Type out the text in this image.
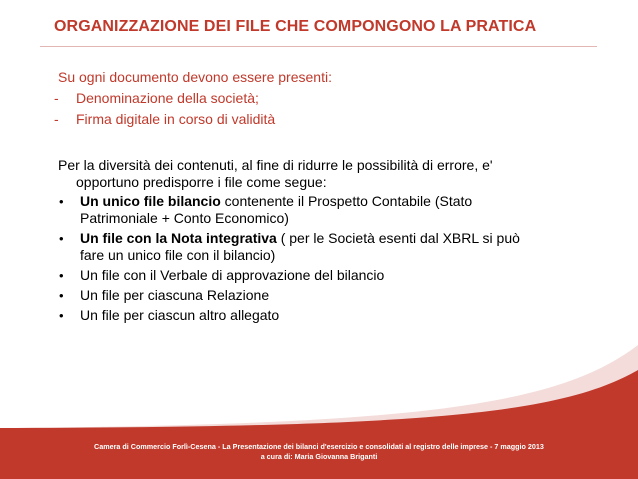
ORGANIZZAZIONE DEI FILE CHE COMPONGONO LA PRATICA
Su ogni documento devono essere presenti:
- Denominazione della società;
- Firma digitale in corso di validità
Per la diversità dei contenuti, al fine di ridurre le possibilità di errore, e'
opportuno predisporre i file come segue:
•	Un unico file bilancio contenente il Prospetto Contabile (Stato
Patrimoniale + Conto Economico)
•	Un file con la Nota integrativa ( per le Società esenti dal XBRL si può
fare un unico file con il bilancio)
•	Un file con il Verbale di approvazione del bilancio
•	Un file per ciascuna Relazione
•	Un file per ciascun altro allegato
Camera di Commercio Forlì-Cesena - La Presentazione dei bilanci d'esercizio e consolidati al registro delle imprese - 7 maggio 2013
a cura di: Maria Giovanna Briganti
